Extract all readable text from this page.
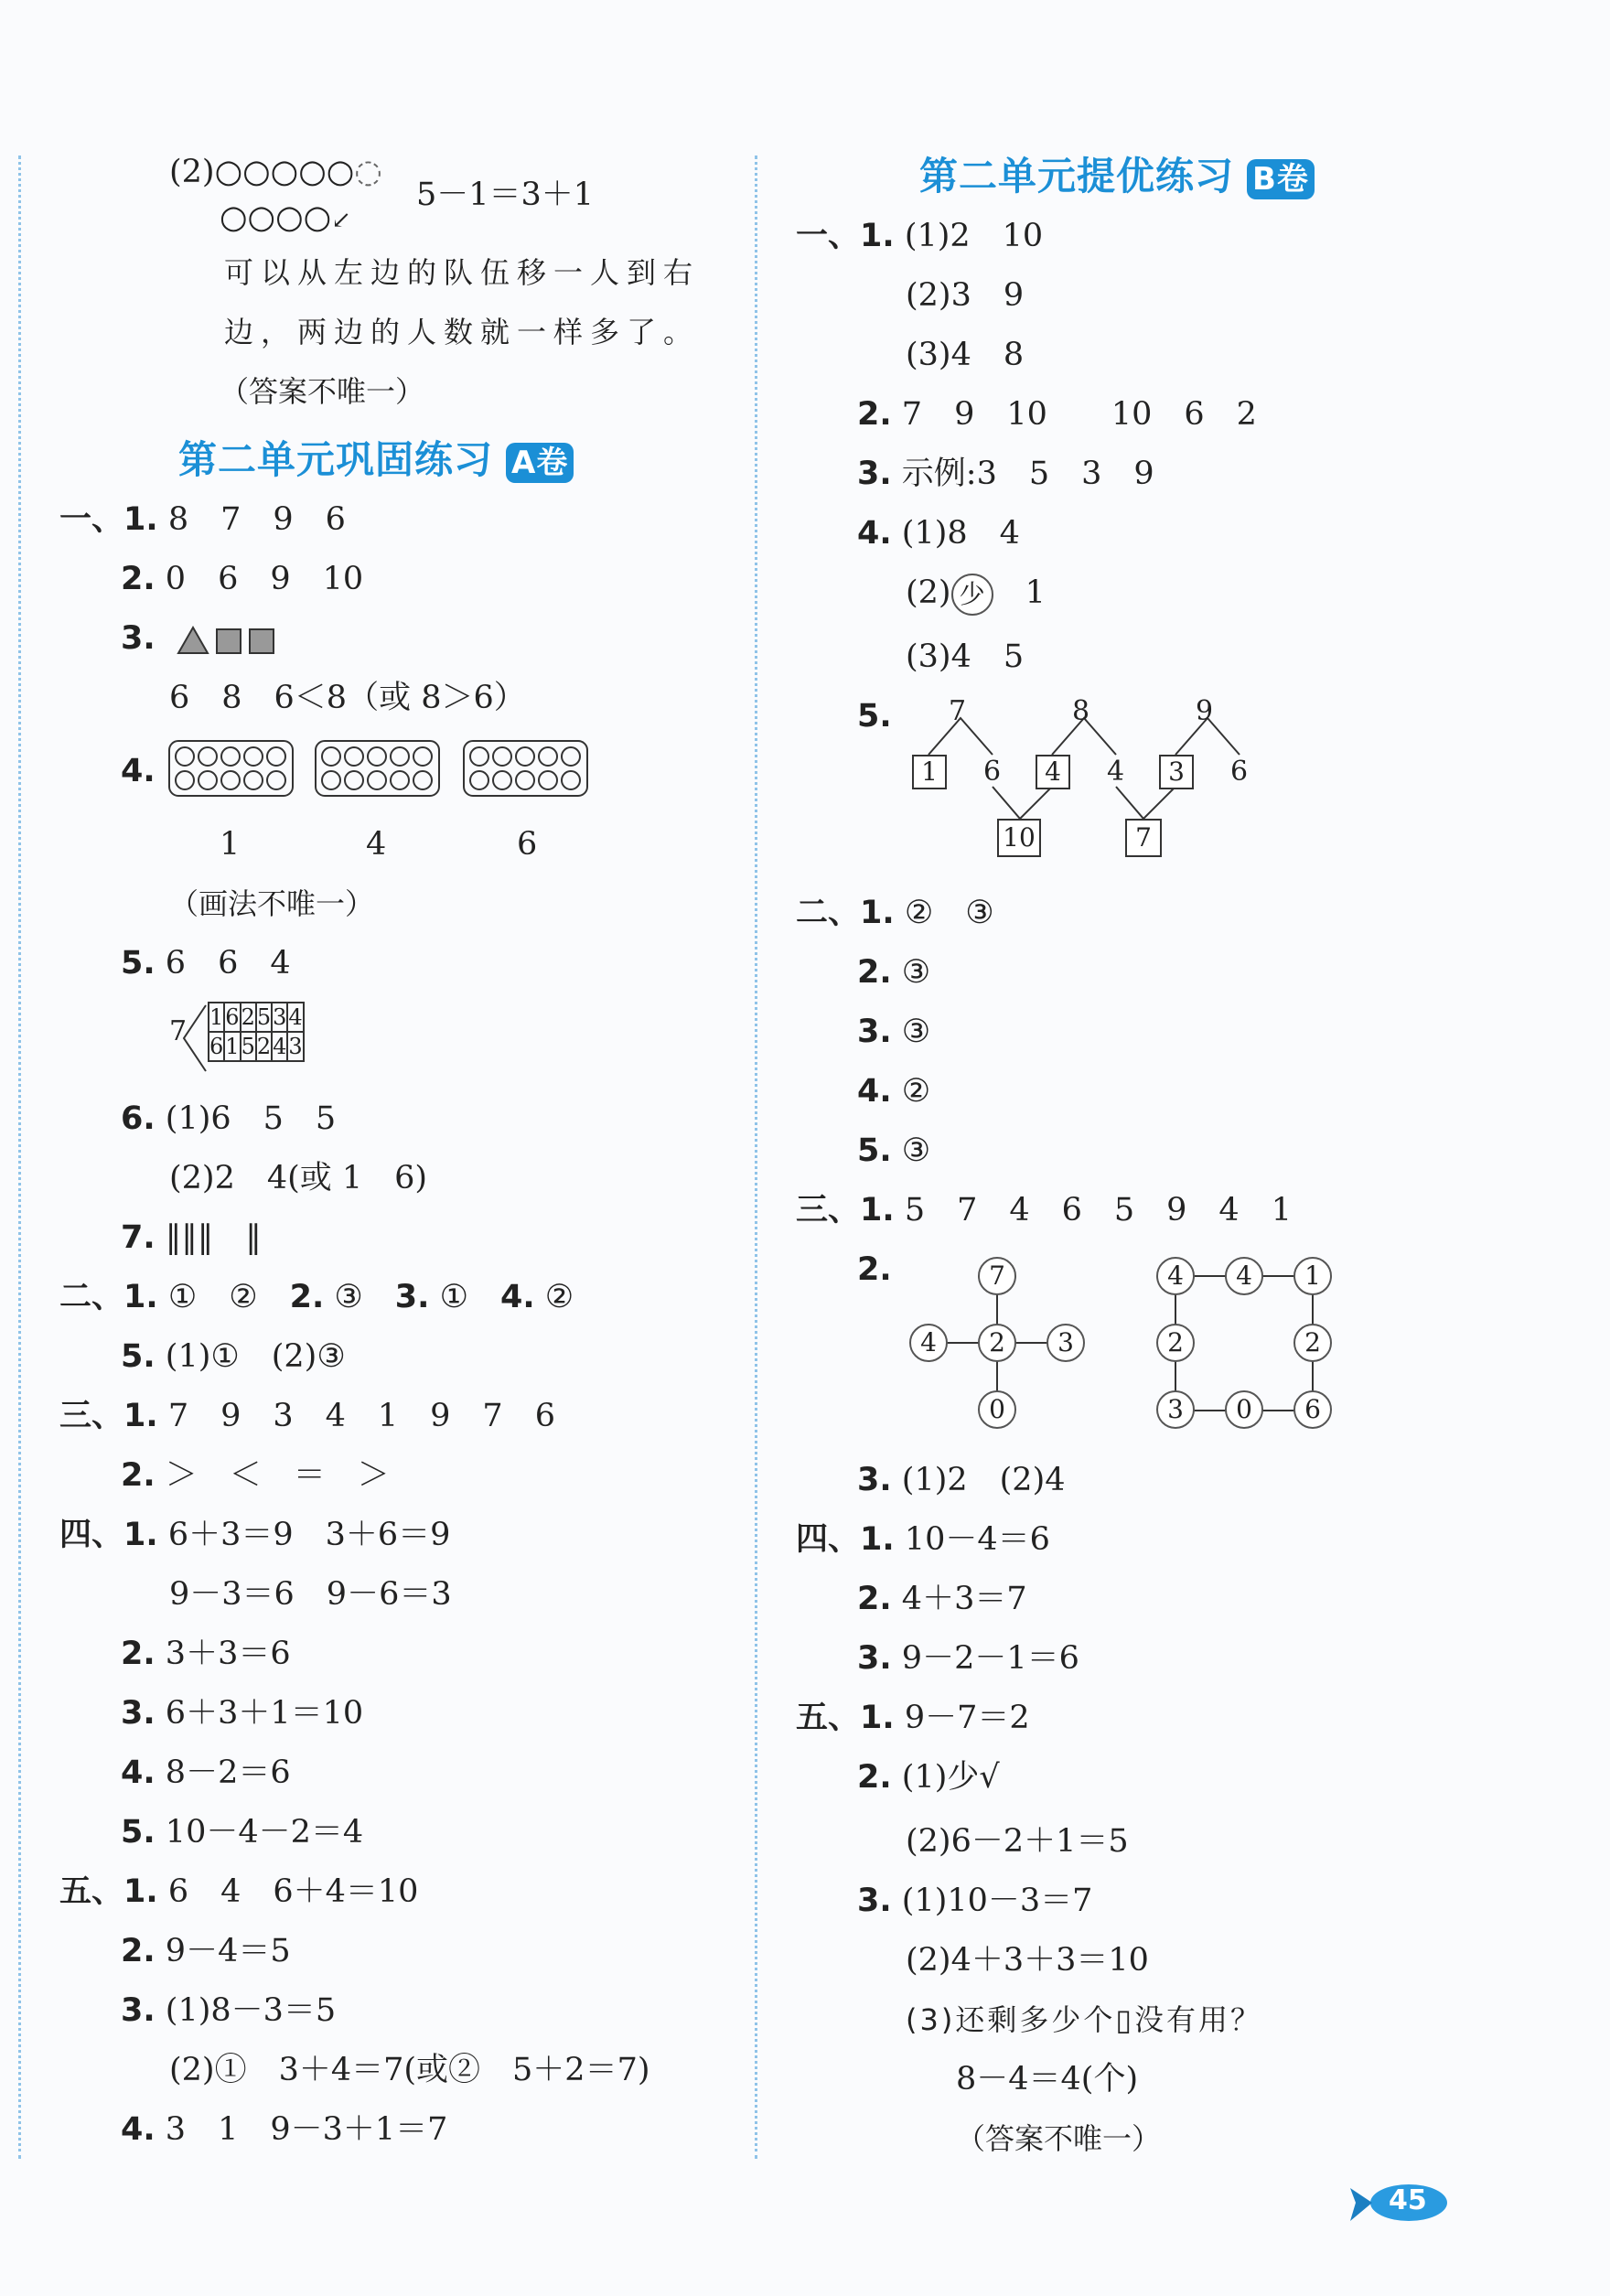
(2)○○○○○◌
○○○○↙
5－1＝3＋1
可以从左边的队伍移一人到右
边，两边的人数就一样多了。
（答案不唯一）
第二单元巩固练习 A卷
一、1. 8　7　9　6
2. 0　6　9　10
3.
6　8　6＜8（或 8＞6）
4.
1	4	6
（画法不唯一）
5. 6　6　4
7 1	6	2	5	3	4
6	1	5	2	4	3
6. (1)6　5　5
(2)2　4(或 1　6)
7. ‖‖‖　‖
二、1. ①　②　 2. ③　 3. ①　 4. ②
5. (1)①　(2)③
三、1. 7　9　3　4　1　9　7　6
2. ＞　＜　＝　＞
四、1. 6＋3＝9　3＋6＝9
9－3＝6　9－6＝3
2. 3＋3＝6
3. 6＋3＋1＝10
4. 8－2＝6
5. 10－4－2＝4
五、1. 6　4　6＋4＝10
2. 9－4＝5
3. (1)8－3＝5
(2)①　3＋4＝7(或②　5＋2＝7)
4. 3　1　9－3＋1＝7
第二单元提优练习 B卷
一、1. (1)2　10
(2)3　9
(3)4　8
2. 7　9　10　　10　6　2
3. 示例:3　5　3　9
4. (1)8　4
(2) 少　1
(3)4　5
5. 7	8	9
1	6	4	4	3	6
10	7
二、1. ②　③
2. ③
3. ③
4. ②
5. ③
三、1. 5　7　4　6　5　9　4　1
2.	7
4	2	3
0
4	4	1
2	2
3	0	6
3. (1)2　(2)4
四、1. 10－4＝6
2. 4＋3＝7
3. 9－2－1＝6
五、1. 9－7＝2
2. (1)少√
(2)6－2＋1＝5
3. (1)10－3＝7
(2)4＋3＋3＝10
(3)还剩多少个▯没有用？
8－4＝4(个)
（答案不唯一）
45
